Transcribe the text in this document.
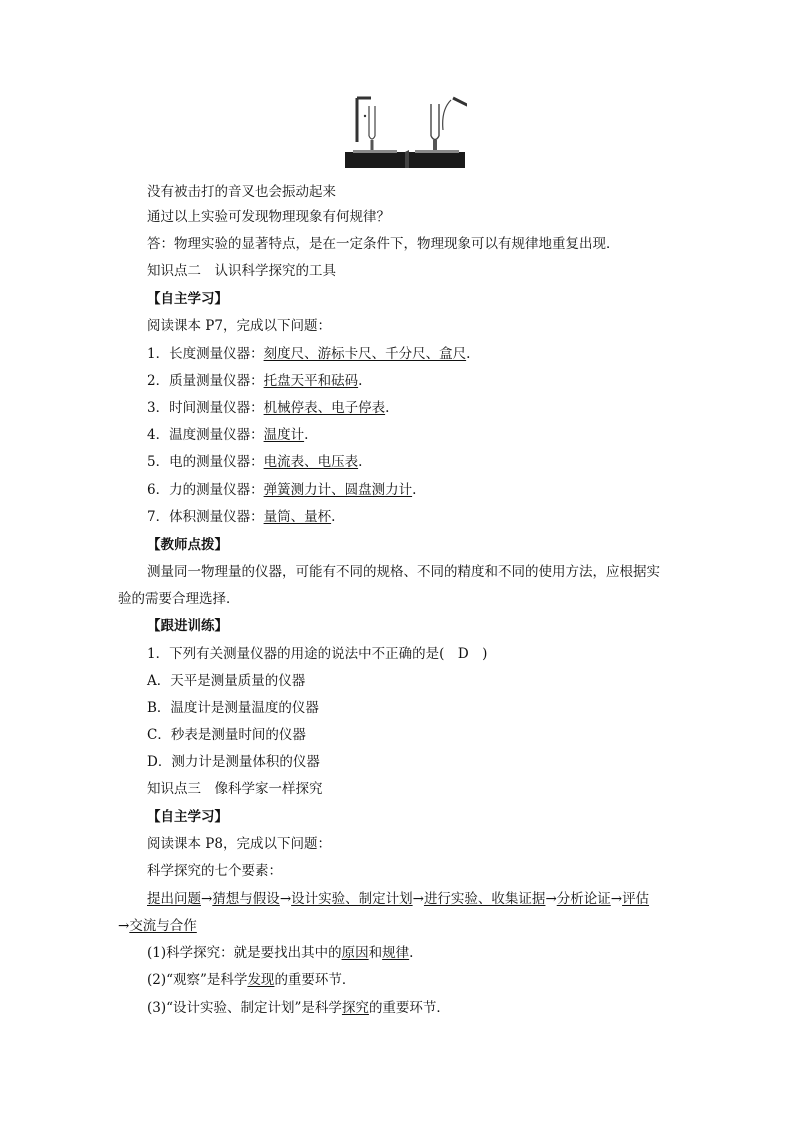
没有被击打的音叉也会振动起来
通过以上实验可发现物理现象有何规律？
答：物理实验的显著特点，是在一定条件下，物理现象可以有规律地重复出现．
知识点二　认识科学探究的工具
【自主学习】
阅读课本 P7，完成以下问题：
1．长度测量仪器：刻度尺、游标卡尺、千分尺、盒尺.
2．质量测量仪器：托盘天平和砝码.
3．时间测量仪器：机械停表、电子停表.
4．温度测量仪器：温度计.
5．电的测量仪器：电流表、电压表.
6．力的测量仪器：弹簧测力计、圆盘测力计.
7．体积测量仪器：量筒、量杯.
【教师点拨】
测量同一物理量的仪器，可能有不同的规格、不同的精度和不同的使用方法，应根据实
验的需要合理选择．
【跟进训练】
1．下列有关测量仪器的用途的说法中不正确的是(　D　)
A．天平是测量质量的仪器
B．温度计是测量温度的仪器
C．秒表是测量时间的仪器
D．测力计是测量体积的仪器
知识点三　像科学家一样探究
【自主学习】
阅读课本 P8，完成以下问题：
科学探究的七个要素：
提出问题→猜想与假设→设计实验、制定计划→进行实验、收集证据→分析论证→评估
→交流与合作
(1)科学探究：就是要找出其中的原因和规律.
(2)“观察”是科学发现的重要环节．
(3)“设计实验、制定计划”是科学探究的重要环节．
